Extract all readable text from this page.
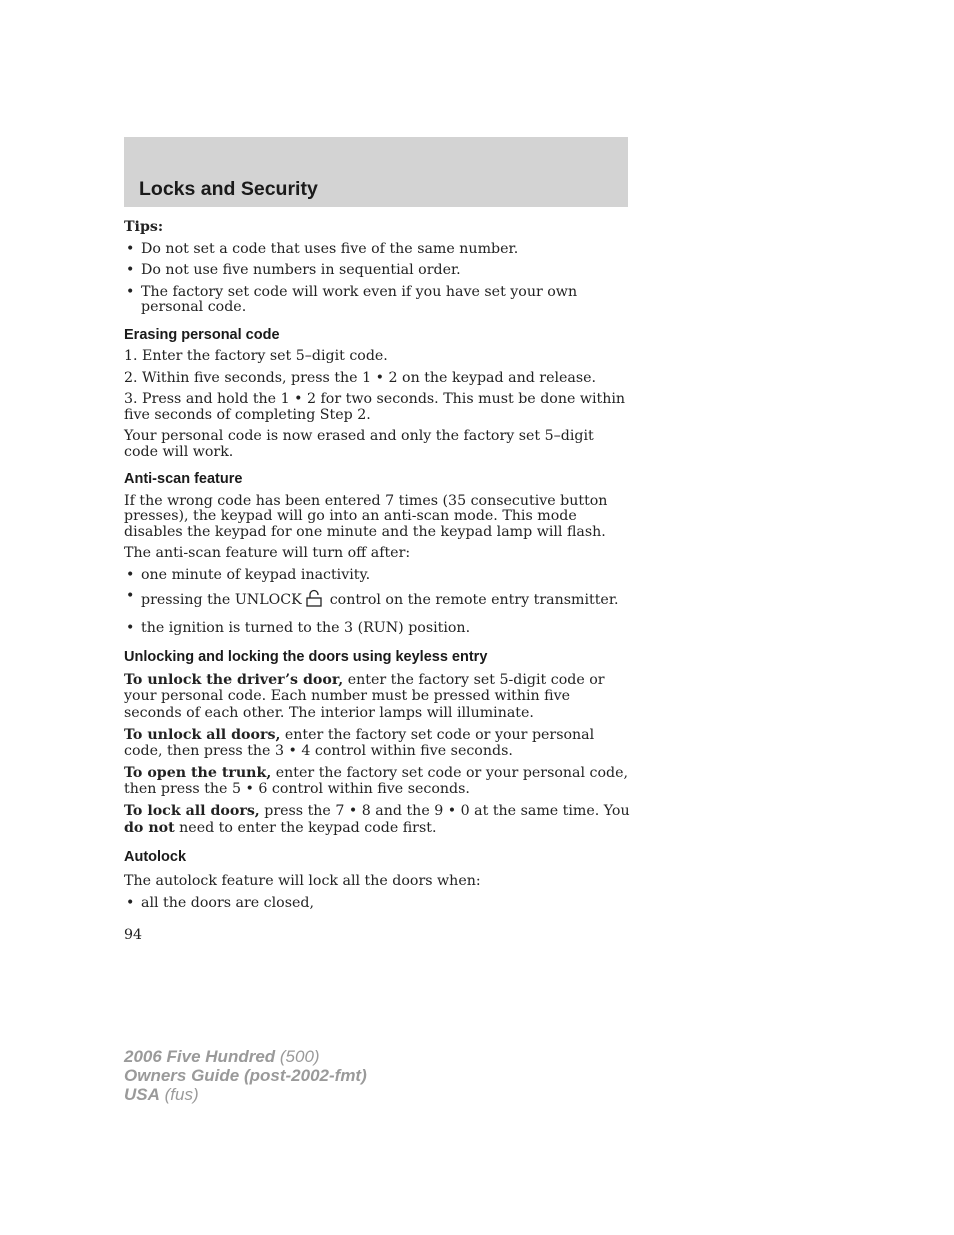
Locks and Security

Tips:

• Do not set a code that uses five of the same number.
• Do not use five numbers in sequential order.
• The factory set code will work even if you have set your own personal code.
Erasing personal code

1. Enter the factory set 5–digit code.

2. Within five seconds, press the 1 • 2 on the keypad and release.

3. Press and hold the 1 • 2 for two seconds. This must be done within five seconds of completing Step 2.

Your personal code is now erased and only the factory set 5–digit code will work.

Anti-scan feature

If the wrong code has been entered 7 times (35 consecutive button presses), the keypad will go into an anti-scan mode. This mode disables the keypad for one minute and the keypad lamp will flash.

The anti-scan feature will turn off after:

• one minute of keypad inactivity.
• pressing the UNLOCK control on the remote entry transmitter.
• the ignition is turned to the 3 (RUN) position.
Unlocking and locking the doors using keyless entry

To unlock the driver’s door, enter the factory set 5-digit code or your personal code. Each number must be pressed within five seconds of each other. The interior lamps will illuminate.

To unlock all doors, enter the factory set code or your personal code, then press the 3 • 4 control within five seconds.

To open the trunk, enter the factory set code or your personal code, then press the 5 • 6 control within five seconds.

To lock all doors, press the 7 • 8 and the 9 • 0 at the same time. You do not need to enter the keypad code first.

Autolock

The autolock feature will lock all the doors when:

• all the doors are closed,
94
2006 Five Hundred (500)
Owners Guide (post-2002-fmt)
USA (fus)
